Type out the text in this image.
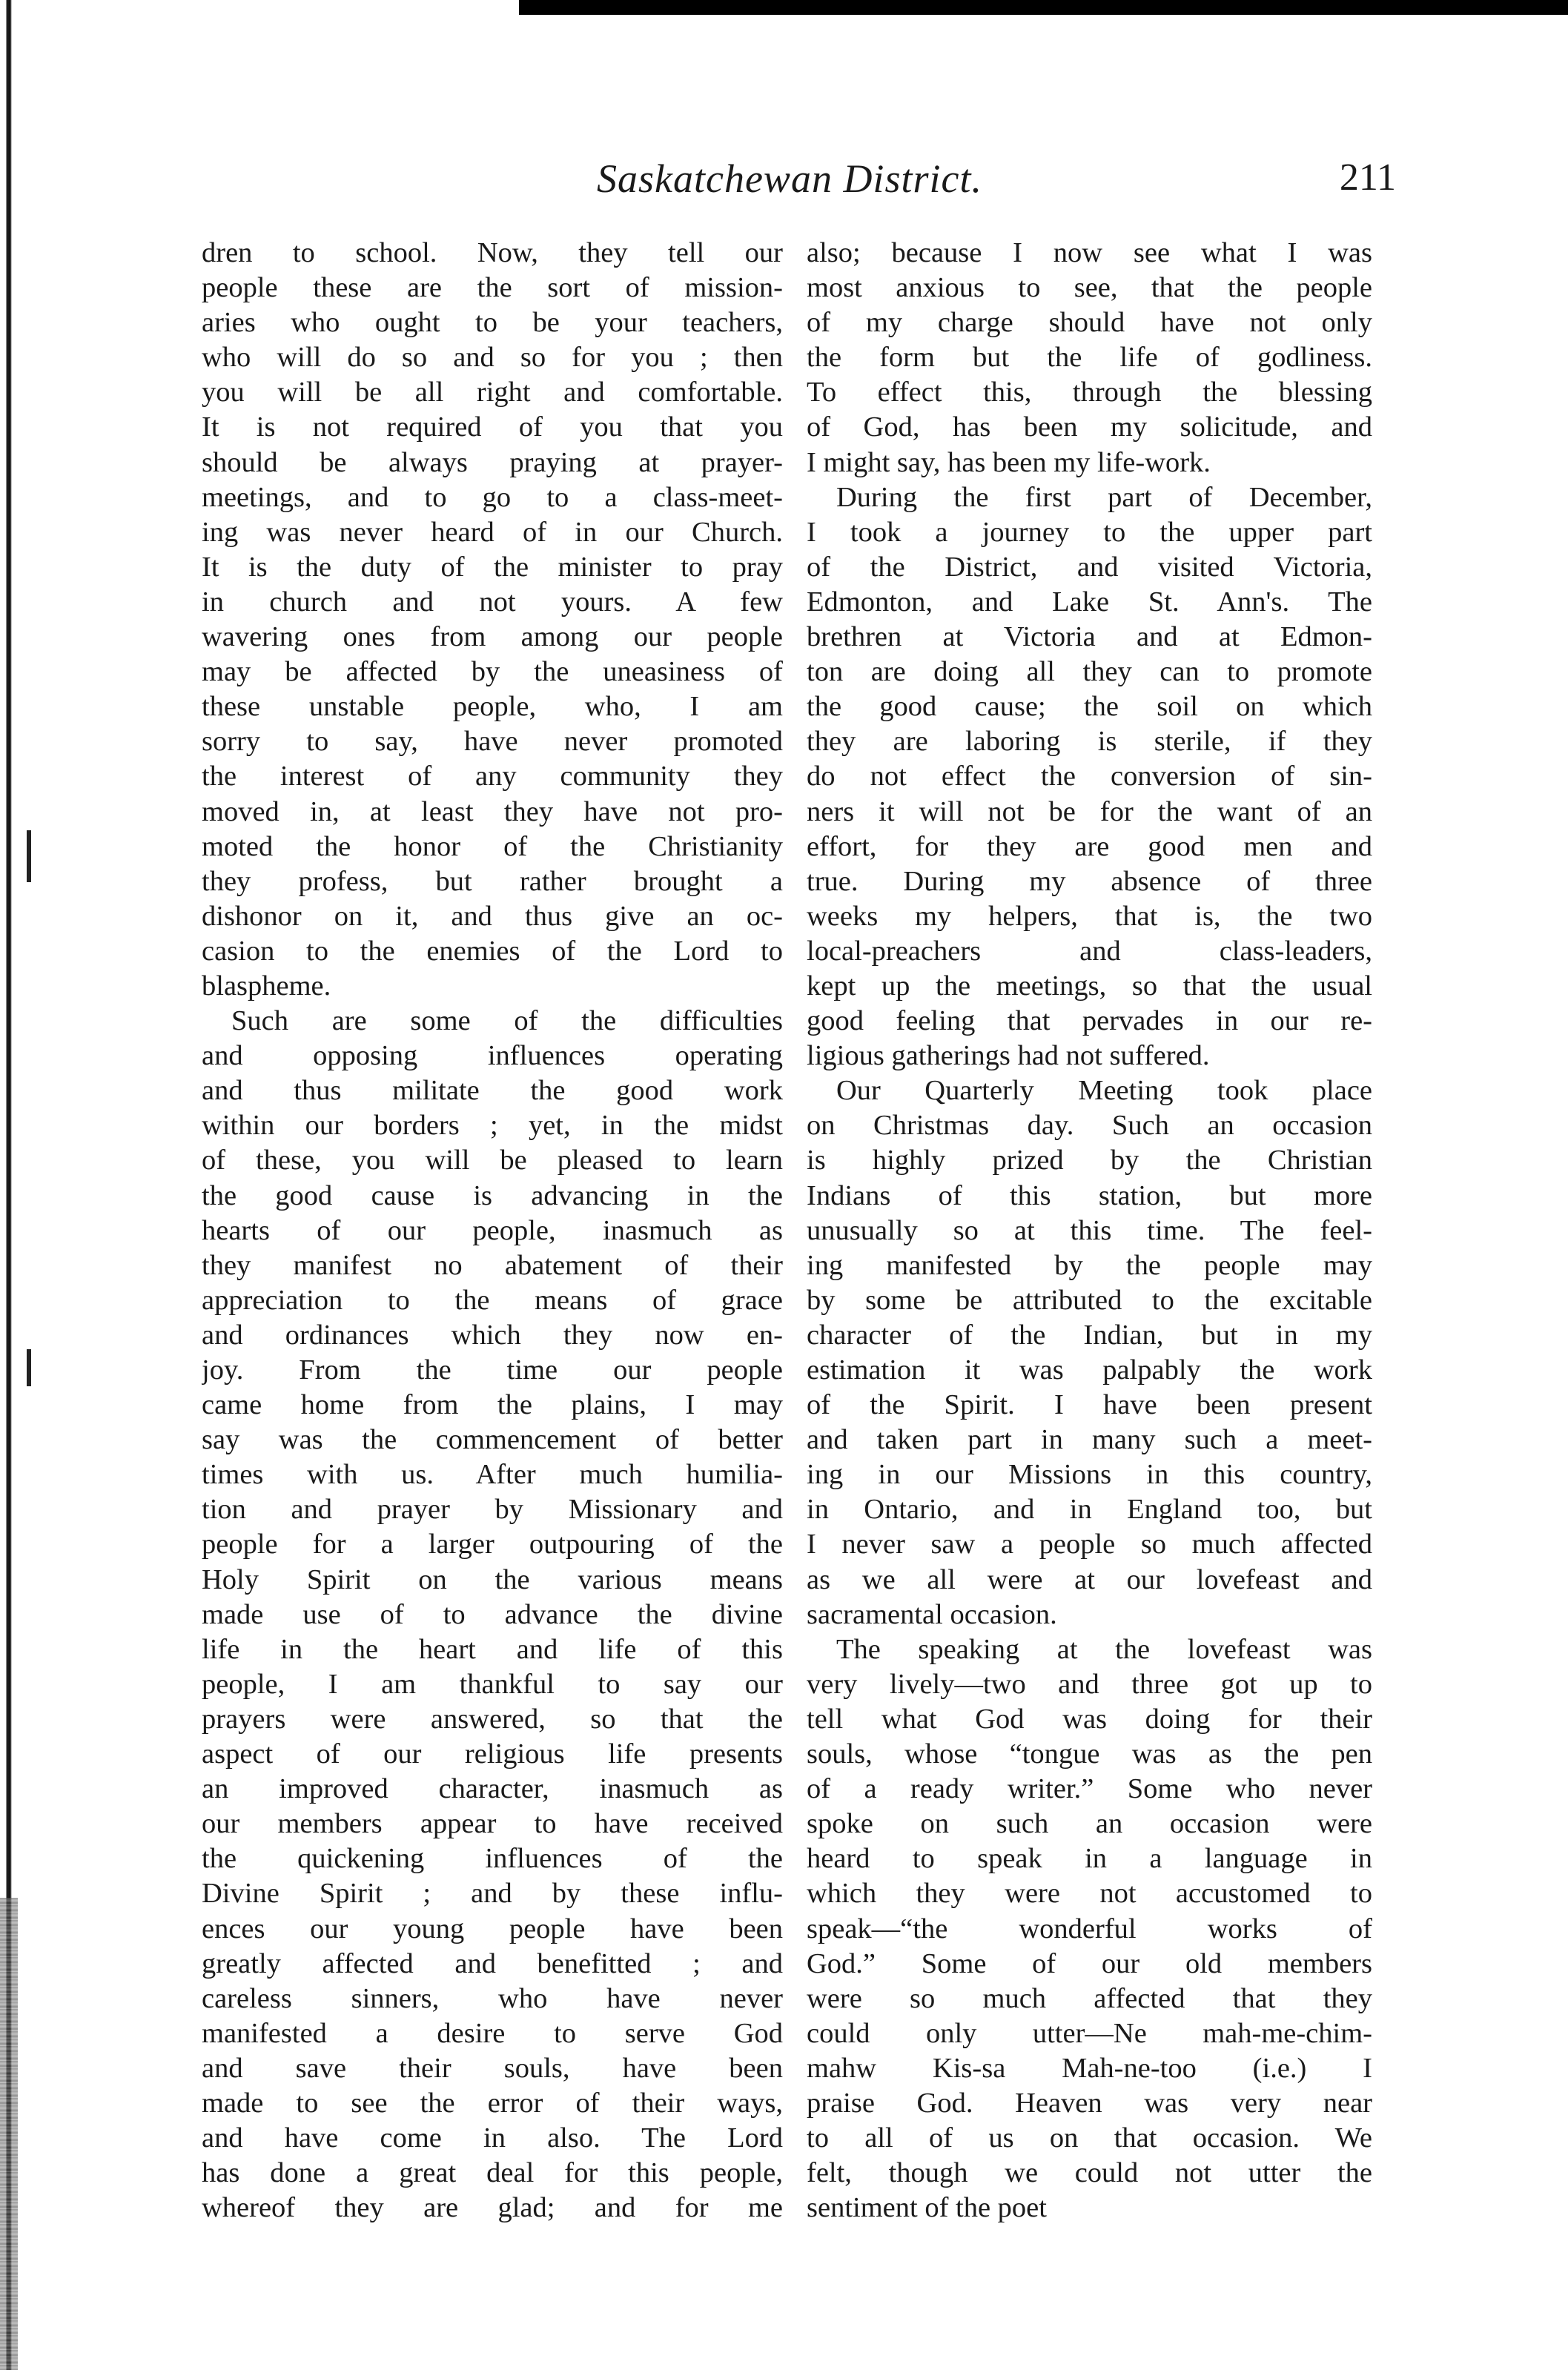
Saskatchewan District.	211
dren to school. Now, they tell our
people these are the sort of mission-
aries who ought to be your teachers,
who will do so and so for you ; then
you will be all right and comfortable.
It is not required of you that you
should be always praying at prayer-
meetings, and to go to a class-meet-
ing was never heard of in our Church.
It is the duty of the minister to pray
in church and not yours. A few
wavering ones from among our people
may be affected by the uneasiness of
these unstable people, who, I am
sorry to say, have never promoted
the interest of any community they
moved in, at least they have not pro-
moted the honor of the Christianity
they profess, but rather brought a
dishonor on it, and thus give an oc-
casion to the enemies of the Lord to
blaspheme.
Such are some of the difficulties
and opposing influences operating
and thus militate the good work
within our borders ; yet, in the midst
of these, you will be pleased to learn
the good cause is advancing in the
hearts of our people, inasmuch as
they manifest no abatement of their
appreciation to the means of grace
and ordinances which they now en-
joy. From the time our people
came home from the plains, I may
say was the commencement of better
times with us. After much humilia-
tion and prayer by Missionary and
people for a larger outpouring of the
Holy Spirit on the various means
made use of to advance the divine
life in the heart and life of this
people, I am thankful to say our
prayers were answered, so that the
aspect of our religious life presents
an improved character, inasmuch as
our members appear to have received
the quickening influences of the
Divine Spirit ; and by these influ-
ences our young people have been
greatly affected and benefitted ; and
careless sinners, who have never
manifested a desire to serve God
and save their souls, have been
made to see the error of their ways,
and have come in also. The Lord
has done a great deal for this people,
whereof they are glad; and for me
also; because I now see what I was
most anxious to see, that the people
of my charge should have not only
the form but the life of godliness.
To effect this, through the blessing
of God, has been my solicitude, and
I might say, has been my life-work.
During the first part of December,
I took a journey to the upper part
of the District, and visited Victoria,
Edmonton, and Lake St. Ann's. The
brethren at Victoria and at Edmon-
ton are doing all they can to promote
the good cause; the soil on which
they are laboring is sterile, if they
do not effect the conversion of sin-
ners it will not be for the want of an
effort, for they are good men and
true. During my absence of three
weeks my helpers, that is, the two
local-preachers and class-leaders,
kept up the meetings, so that the usual
good feeling that pervades in our re-
ligious gatherings had not suffered.
Our Quarterly Meeting took place
on Christmas day. Such an occasion
is highly prized by the Christian
Indians of this station, but more
unusually so at this time. The feel-
ing manifested by the people may
by some be attributed to the excitable
character of the Indian, but in my
estimation it was palpably the work
of the Spirit. I have been present
and taken part in many such a meet-
ing in our Missions in this country,
in Ontario, and in England too, but
I never saw a people so much affected
as we all were at our lovefeast and
sacramental occasion.
The speaking at the lovefeast was
very lively—two and three got up to
tell what God was doing for their
souls, whose “tongue was as the pen
of a ready writer.” Some who never
spoke on such an occasion were
heard to speak in a language in
which they were not accustomed to
speak—“the wonderful works of
God.” Some of our old members
were so much affected that they
could only utter—Ne mah-me-chim-
mahw Kis-sa Mah-ne-too (i.e.) I
praise God. Heaven was very near
to all of us on that occasion. We
felt, though we could not utter the
sentiment of the poet
